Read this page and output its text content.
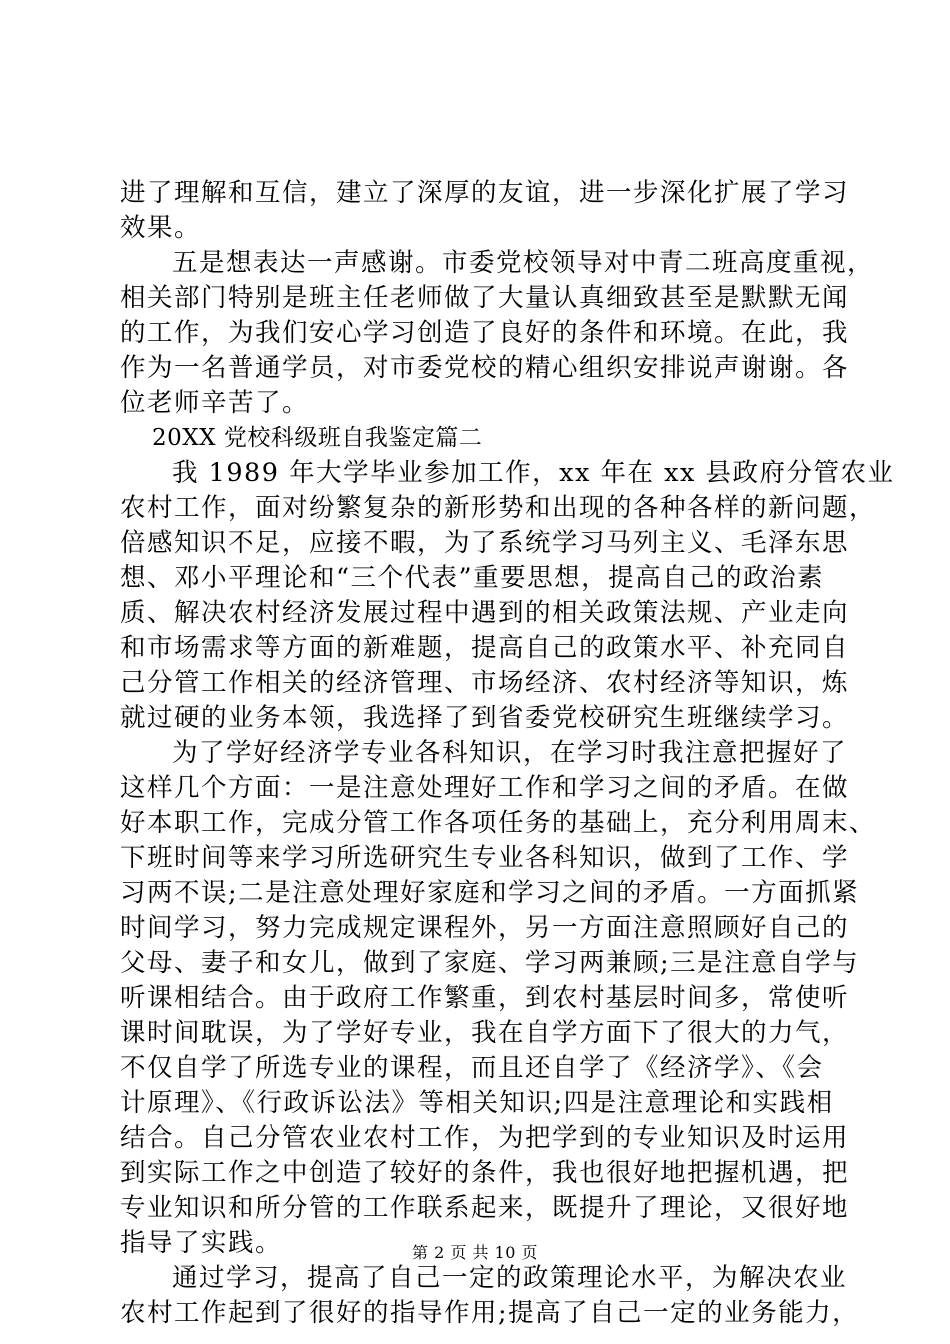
进了理解和互信，建立了深厚的友谊，进一步深化扩展了学习
效果。
五是想表达一声感谢。市委党校领导对中青二班高度重视，
相关部门特别是班主任老师做了大量认真细致甚至是默默无闻
的工作，为我们安心学习创造了良好的条件和环境。在此，我
作为一名普通学员，对市委党校的精心组织安排说声谢谢。各
位老师辛苦了。
20XX 党校科级班自我鉴定篇二
我 1989 年大学毕业参加工作，xx 年在 xx 县政府分管农业
农村工作，面对纷繁复杂的新形势和出现的各种各样的新问题，
倍感知识不足，应接不暇，为了系统学习马列主义、毛泽东思
想、邓小平理论和“三个代表”重要思想，提高自己的政治素
质、解决农村经济发展过程中遇到的相关政策法规、产业走向
和市场需求等方面的新难题，提高自己的政策水平、补充同自
己分管工作相关的经济管理、市场经济、农村经济等知识，炼
就过硬的业务本领，我选择了到省委党校研究生班继续学习。
为了学好经济学专业各科知识，在学习时我注意把握好了
这样几个方面：一是注意处理好工作和学习之间的矛盾。在做
好本职工作，完成分管工作各项任务的基础上，充分利用周末、
下班时间等来学习所选研究生专业各科知识，做到了工作、学
习两不误;二是注意处理好家庭和学习之间的矛盾。一方面抓紧
时间学习，努力完成规定课程外，另一方面注意照顾好自己的
父母、妻子和女儿，做到了家庭、学习两兼顾;三是注意自学与
听课相结合。由于政府工作繁重，到农村基层时间多，常使听
课时间耽误，为了学好专业，我在自学方面下了很大的力气，
不仅自学了所选专业的课程，而且还自学了《经济学》、《会
计原理》、《行政诉讼法》等相关知识;四是注意理论和实践相
结合。自己分管农业农村工作，为把学到的专业知识及时运用
到实际工作之中创造了较好的条件，我也很好地把握机遇，把
专业知识和所分管的工作联系起来，既提升了理论，又很好地
指导了实践。
通过学习，提高了自己一定的政策理论水平，为解决农业
农村工作起到了很好的指导作用;提高了自己一定的业务能力，
第 2 页 共 10 页
